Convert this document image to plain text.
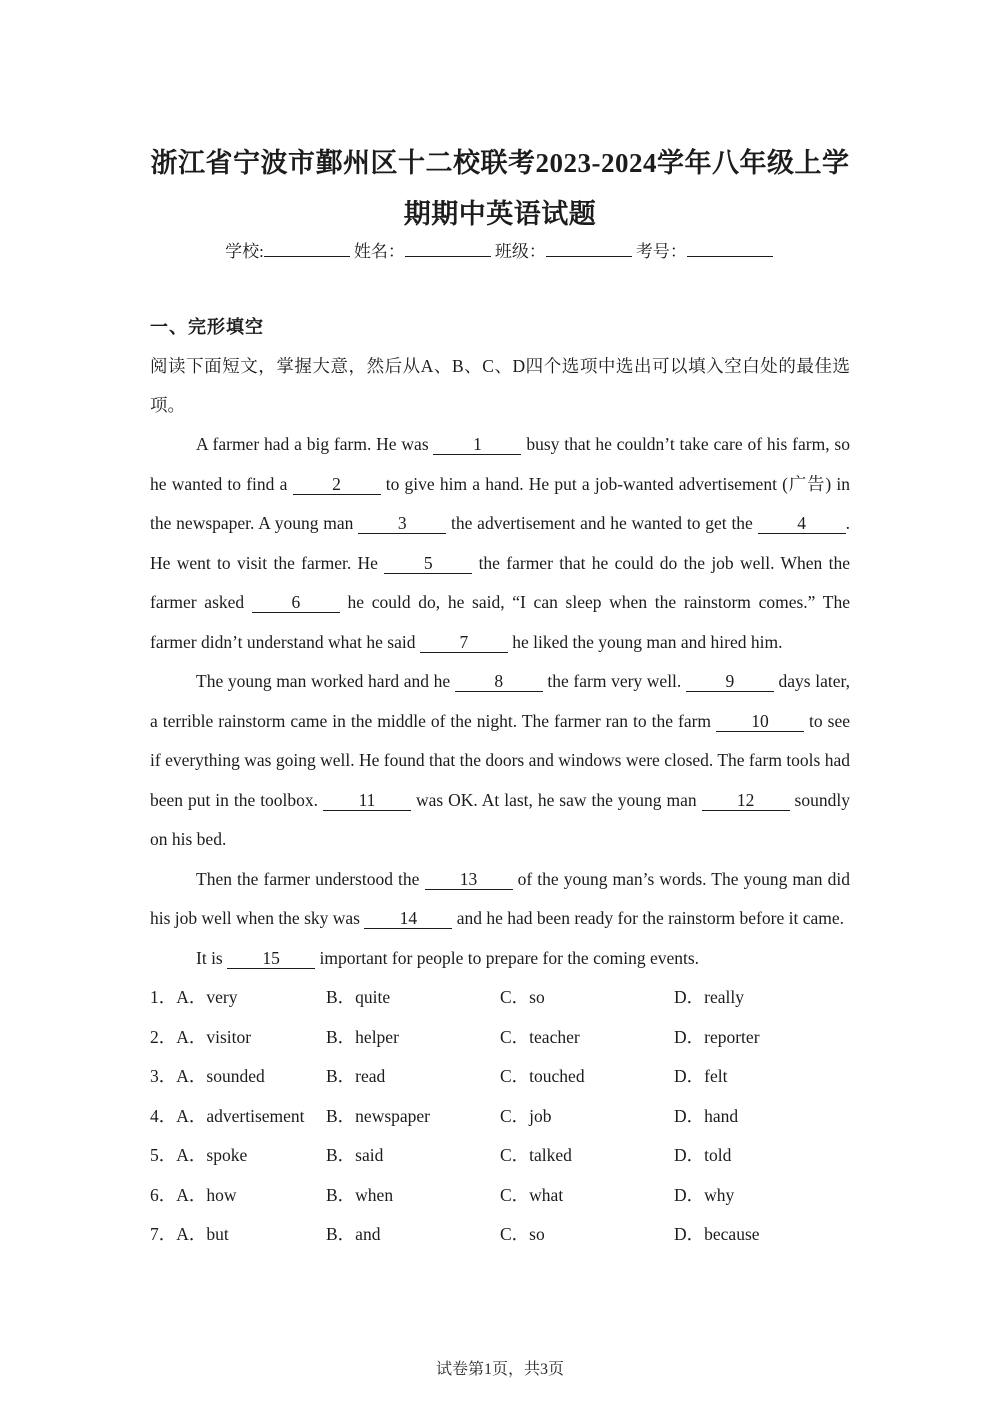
浙江省宁波市鄞州区十二校联考2023-2024学年八年级上学
期期中英语试题
学校:	姓名：	班级：	考号：
一、完形填空

阅读下面短文，掌握大意，然后从A、B、C、D四个选项中选出可以填入空白处的最佳选项。

A farmer had a big farm. He was 1 busy that he couldn’t take care of his farm, so he wanted to find a 2 to give him a hand. He put a job-wanted advertisement (广告) in the newspaper. A young man 3 the advertisement and he wanted to get the 4 . He went to visit the farmer. He 5 the farmer that he could do the job well. When the farmer asked 6 he could do, he said, “I can sleep when the rainstorm comes.” The farmer didn’t understand what he said 7 he liked the young man and hired him.

The young man worked hard and he 8 the farm very well. 9 days later, a terrible rainstorm came in the middle of the night. The farmer ran to the farm 10 to see if everything was going well. He found that the doors and windows were closed. The farm tools had been put in the toolbox. 11 was OK. At last, he saw the young man 12 soundly on his bed.

Then the farmer understood the 13 of the young man’s words. The young man did his job well when the sky was 14 and he had been ready for the rainstorm before it came.

It is 15 important for people to prepare for the coming events.

1．A．very	B．quite	C．so	D．really
2．A．visitor	B．helper	C．teacher	D．reporter
3．A．sounded	B．read	C．touched	D．felt
4．A．advertisement	B．newspaper	C．job	D．hand
5．A．spoke	B．said	C．talked	D．told
6．A．how	B．when	C．what	D．why
7．A．but	B．and	C．so	D．because
试卷第1页，共3页
